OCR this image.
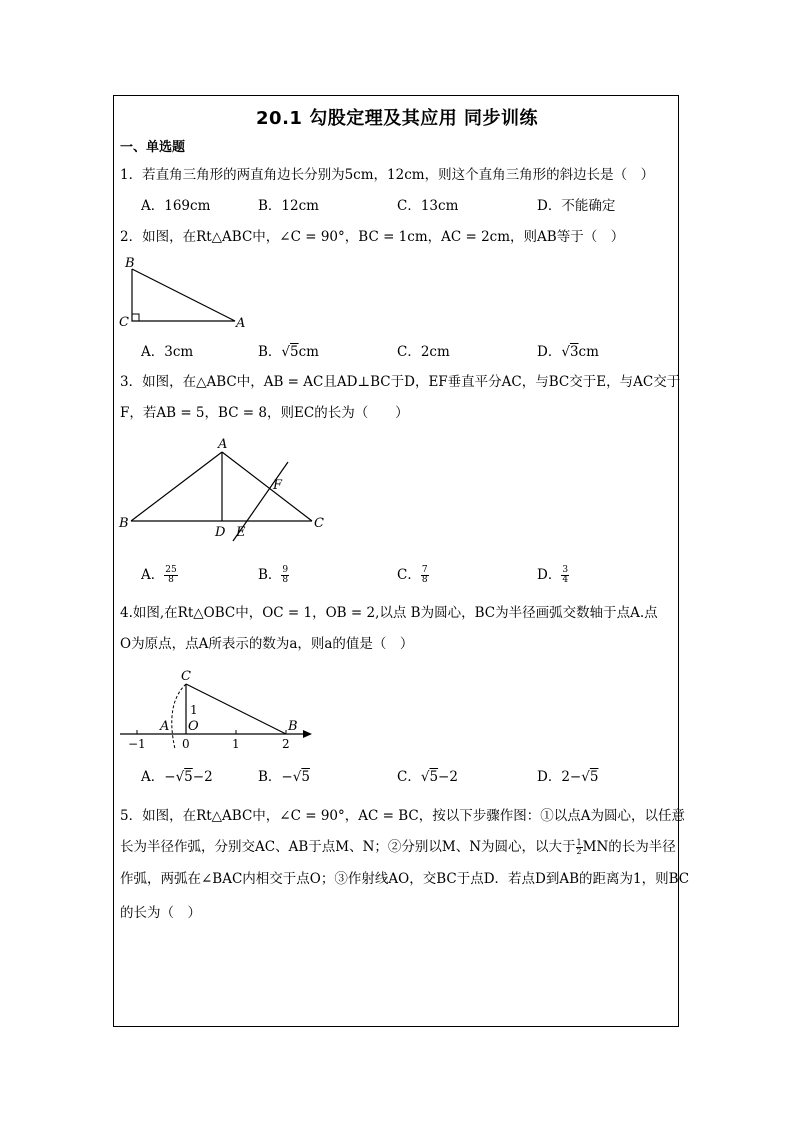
20.1 勾股定理及其应用 同步训练
一、单选题
1．若直角三角形的两直角边长分别为5cm，12cm，则这个直角三角形的斜边长是（　）
A．169cm	B．12cm	C．13cm	D．不能确定
2．如图，在Rt△ABC中，∠C = 90°，BC = 1cm，AC = 2cm，则AB等于（　）
B
C	A
A．3cm	B．√5cm	C．2cm	D．√3cm
3．如图，在△ABC中，AB = AC且AD⊥BC于D，EF垂直平分AC，与BC交于E，与AC交于
F，若AB = 5，BC = 8，则EC的长为（　　）
A
B	C
D E
F
A． $\frac{25}{8}$	B． $\frac{9}{8}$	C． $\frac{7}{8}$	D． $\frac{3}{4}$
4.如图,在Rt△OBC中，OC = 1，OB = 2,以点 B为圆心，BC为半径画弧交数轴于点A.点
O为原点，点A所表示的数为a，则a的值是（　）
C
A O	B
1
−1	0	1	2
A．−√5−2	B．−√5	C．√5−2	D．2−√5
5．如图，在Rt△ABC中，∠C = 90°，AC = BC，按以下步骤作图：①以点A为圆心，以任意
长为半径作弧，分别交AC、AB于点M、N；②分别以M、N为圆心，以大于 $\frac{1}{2}$ MN的长为半径
作弧，两弧在∠BAC内相交于点O；③作射线AO，交BC于点D．若点D到AB的距离为1，则BC
的长为（　）
